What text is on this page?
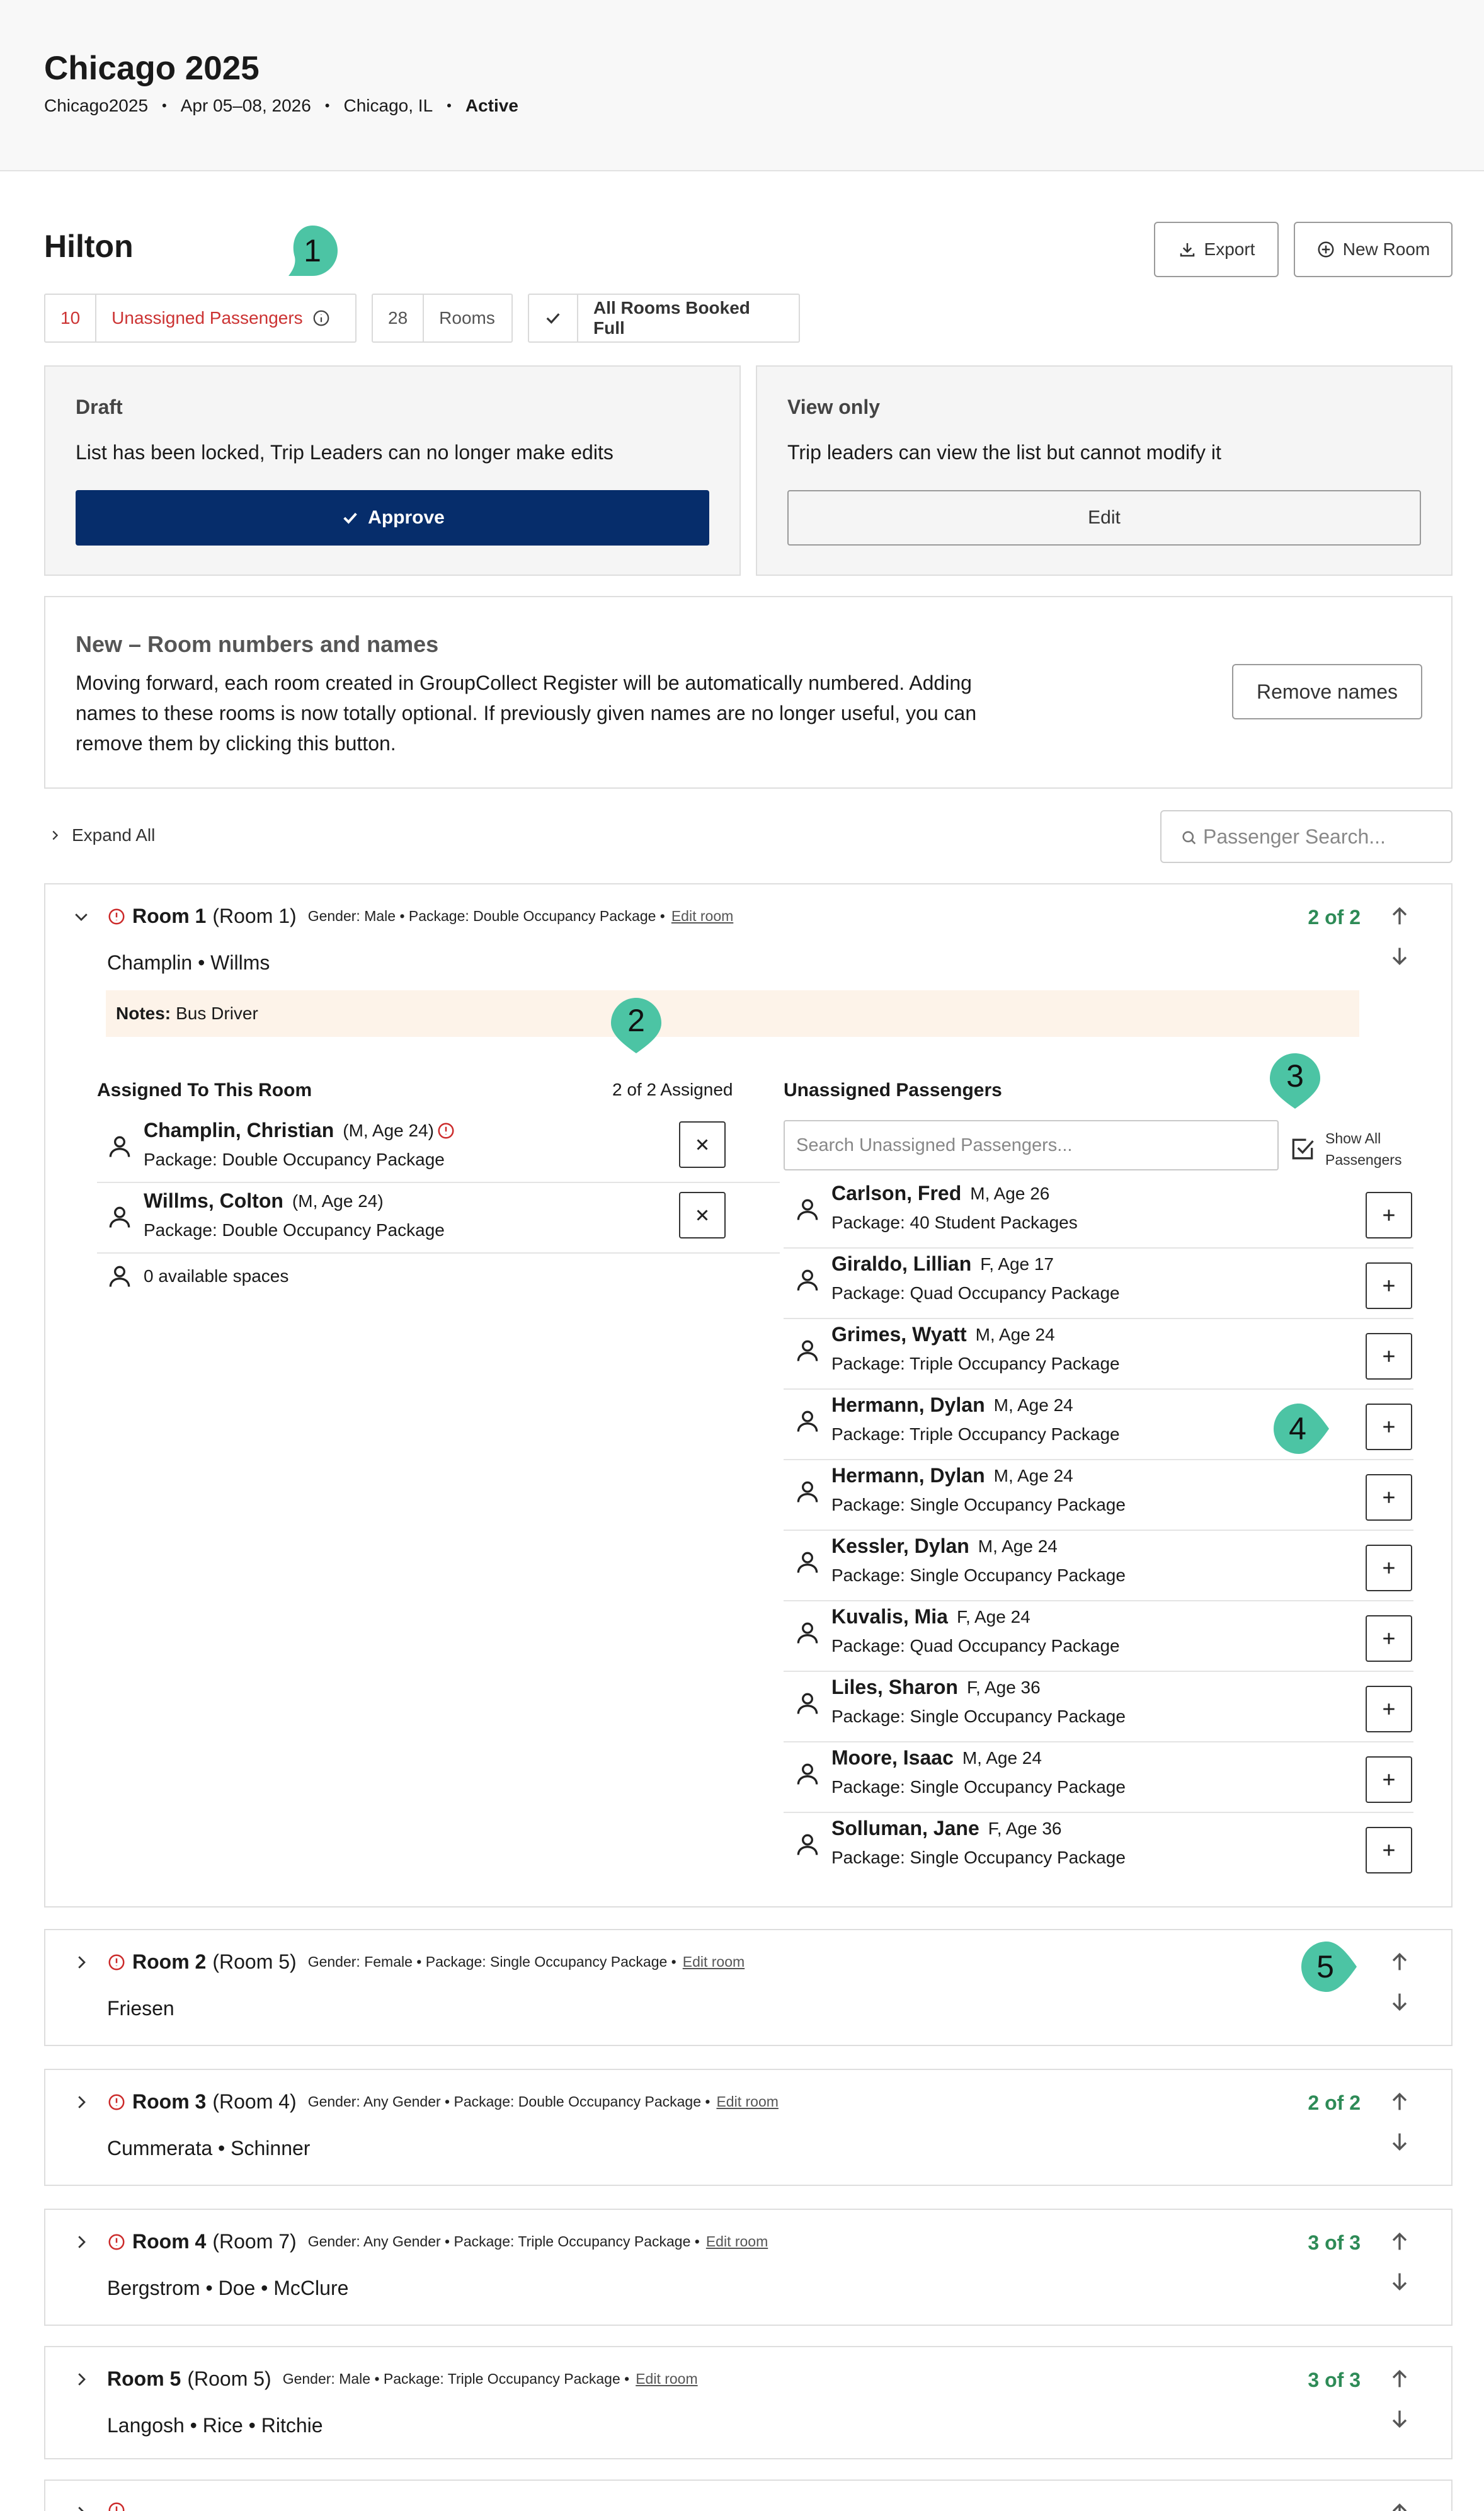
Chicago 2025
Chicago2025 • Apr 05–08, 2026 • Chicago, IL • Active
Hilton	Export	New Room
10	Unassigned Passengers	28	Rooms
All Rooms Booked Full
Draft
List has been locked, Trip Leaders can no longer make edits
Approve
View only
Trip leaders can view the list but cannot modify it
Edit
New – Room numbers and names
Moving forward, each room created in GroupCollect Register will be automatically numbered. Adding names to these rooms is now totally optional. If previously given names are no longer useful, you can remove them by clicking this button.
Remove names
Expand All	Passenger Search...
Room 1 (Room 1) Gender: Male • Package: Double Occupancy Package • Edit room	2 of 2
Champlin • Willms
Notes: Bus Driver
Assigned To This Room	2 of 2 Assigned
Champlin, Christian (M, Age 24)
Package: Double Occupancy Package
Willms, Colton (M, Age 24)
Package: Double Occupancy Package
0 available spaces
Unassigned Passengers
Search Unassigned Passengers...	Show All
Passengers
Carlson, Fred M, Age 26
Package: 40 Student Packages
Giraldo, Lillian F, Age 17
Package: Quad Occupancy Package
Grimes, Wyatt M, Age 24
Package: Triple Occupancy Package
Hermann, Dylan M, Age 24
Package: Triple Occupancy Package
Hermann, Dylan M, Age 24
Package: Single Occupancy Package
Kessler, Dylan M, Age 24
Package: Single Occupancy Package
Kuvalis, Mia F, Age 24
Package: Quad Occupancy Package
Liles, Sharon F, Age 36
Package: Single Occupancy Package
Moore, Isaac M, Age 24
Package: Single Occupancy Package
Solluman, Jane F, Age 36
Package: Single Occupancy Package
Room 2 (Room 5) Gender: Female • Package: Single Occupancy Package • Edit room
Friesen
Room 3 (Room 4) Gender: Any Gender • Package: Double Occupancy Package • Edit room	2 of 2
Cummerata • Schinner
Room 4 (Room 7) Gender: Any Gender • Package: Triple Occupancy Package • Edit room	3 of 3
Bergstrom • Doe • McClure
Room 5 (Room 5) Gender: Male • Package: Triple Occupancy Package • Edit room	3 of 3
Langosh • Rice • Ritchie
1
2
3
4
5
